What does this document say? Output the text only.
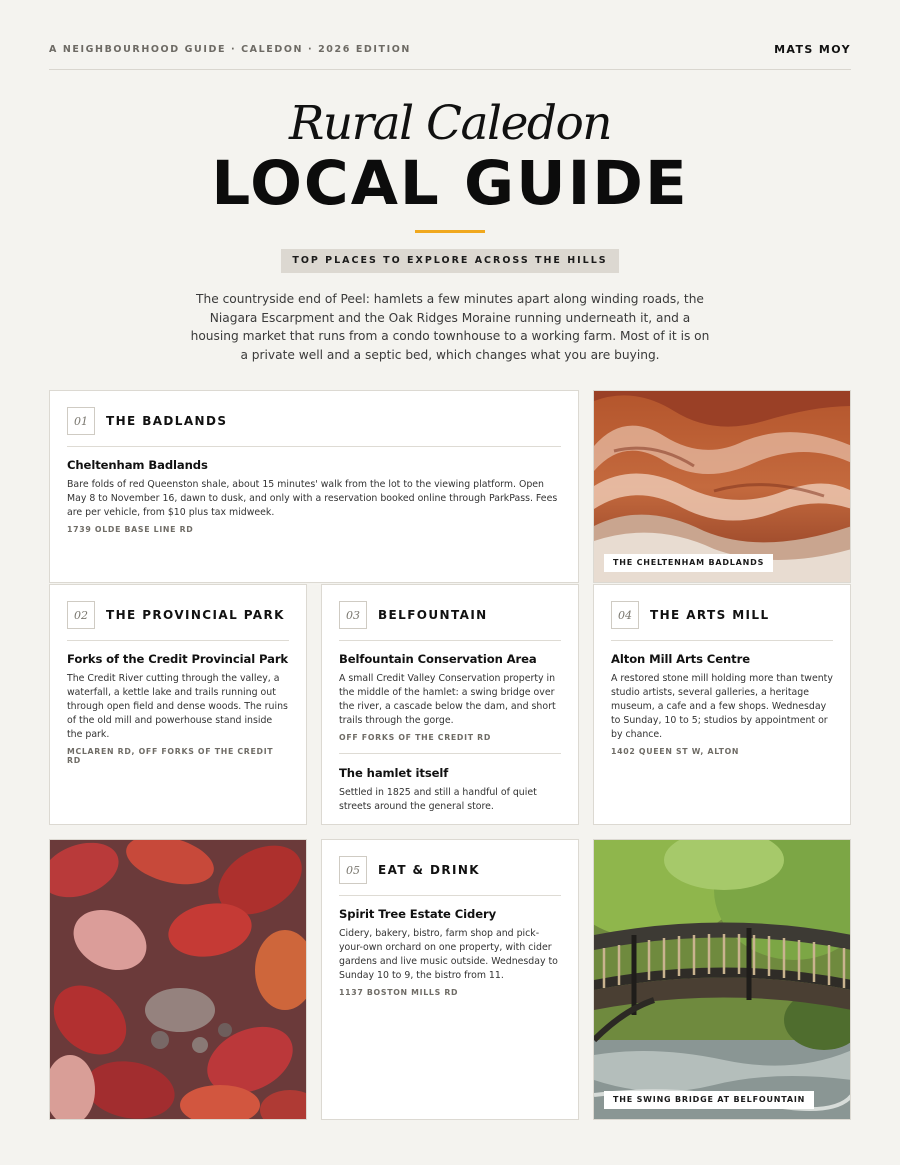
A NEIGHBOURHOOD GUIDE · CALEDON · 2026 EDITION	MATS MOY
Rural Caledon
LOCAL GUIDE
TOP PLACES TO EXPLORE ACROSS THE HILLS

The countryside end of Peel: hamlets a few minutes apart along winding roads, the Niagara Escarpment and the Oak Ridges Moraine running underneath it, and a housing market that runs from a condo townhouse to a working farm. Most of it is on a private well and a septic bed, which changes what you are buying.

01	THE BADLANDS
Cheltenham Badlands

Bare folds of red Queenston shale, about 15 minutes' walk from the lot to the viewing platform. Open May 8 to November 16, dawn to dusk, and only with a reservation booked online through ParkPass. Fees are per vehicle, from $10 plus tax midweek.

1739 OLDE BASE LINE RD
THE CHELTENHAM BADLANDS
02	THE PROVINCIAL PARK
Forks of the Credit Provincial Park

The Credit River cutting through the valley, a waterfall, a kettle lake and trails running out through open field and dense woods. The ruins of the old mill and powerhouse stand inside the park.

MCLAREN RD, OFF FORKS OF THE CREDIT RD
03	BELFOUNTAIN
Belfountain Conservation Area

A small Credit Valley Conservation property in the middle of the hamlet: a swing bridge over the river, a cascade below the dam, and short trails through the gorge.

OFF FORKS OF THE CREDIT RD
The hamlet itself

Settled in 1825 and still a handful of quiet streets around the general store.

04	THE ARTS MILL
Alton Mill Arts Centre

A restored stone mill holding more than twenty studio artists, several galleries, a heritage museum, a cafe and a few shops. Wednesday to Sunday, 10 to 5; studios by appointment or by chance.

1402 QUEEN ST W, ALTON
05	EAT & DRINK
Spirit Tree Estate Cidery

Cidery, bakery, bistro, farm shop and pick-your-own orchard on one property, with cider gardens and live music outside. Wednesday to Sunday 10 to 9, the bistro from 11.

1137 BOSTON MILLS RD
THE SWING BRIDGE AT BELFOUNTAIN
